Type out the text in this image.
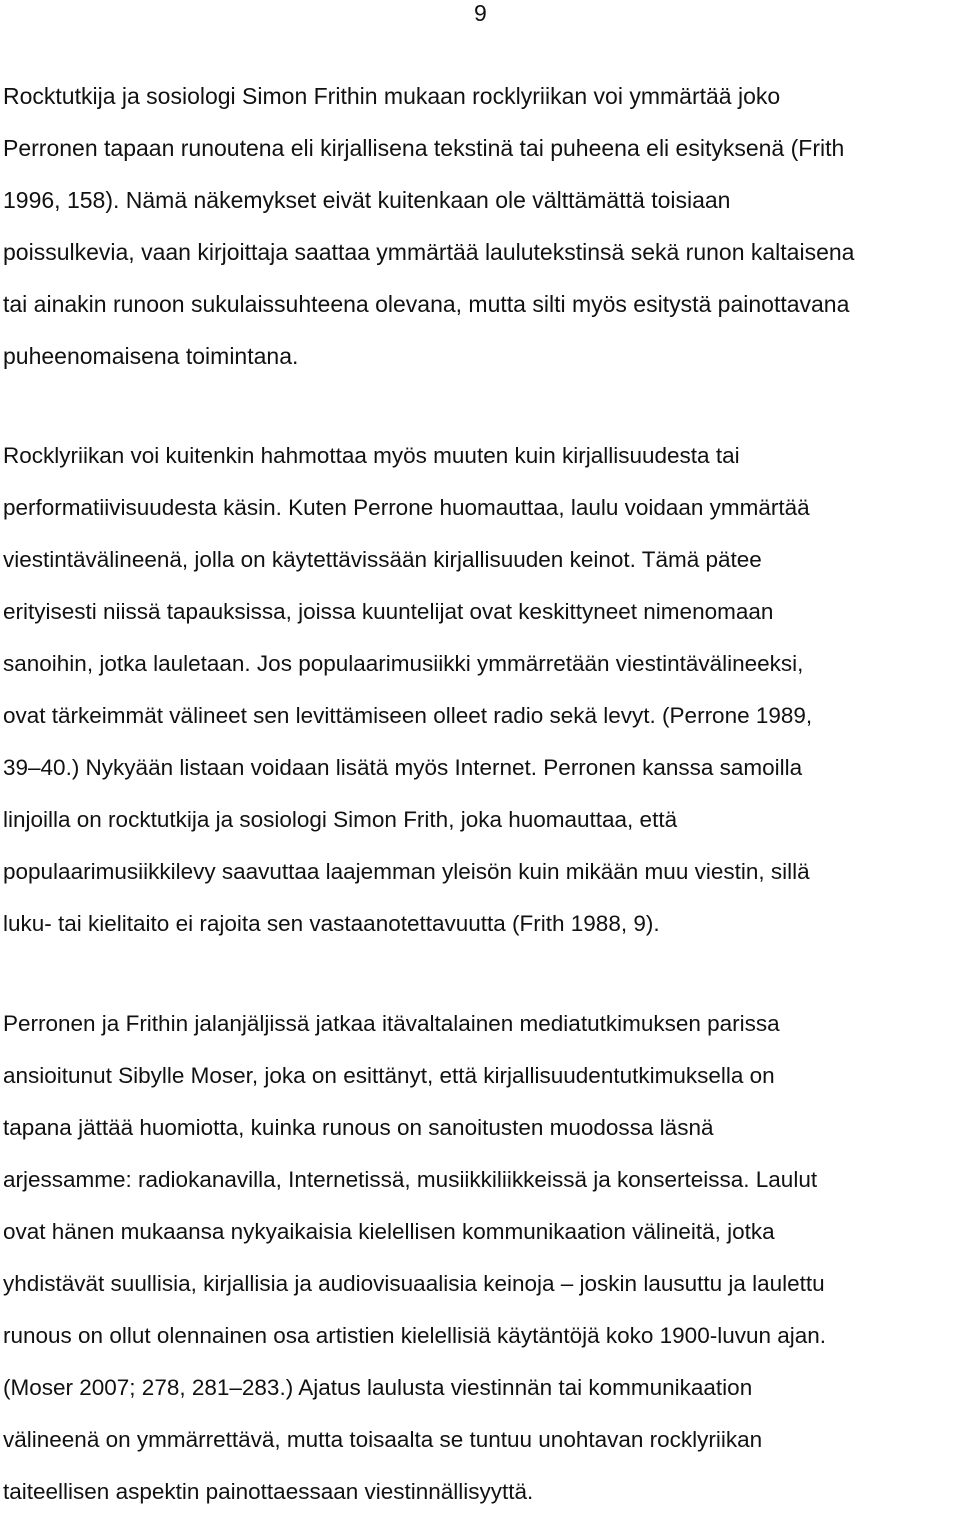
9
Rocktutkija ja sosiologi Simon Frithin mukaan rocklyriikan voi ymmärtää joko
Perronen tapaan runoutena eli kirjallisena tekstinä tai puheena eli esityksenä (Frith
1996, 158). Nämä näkemykset eivät kuitenkaan ole välttämättä toisiaan
poissulkevia, vaan kirjoittaja saattaa ymmärtää laulutekstinsä sekä runon kaltaisena
tai ainakin runoon sukulaissuhteena olevana, mutta silti myös esitystä painottavana
puheenomaisena toimintana.
Rocklyriikan voi kuitenkin hahmottaa myös muuten kuin kirjallisuudesta tai
performatiivisuudesta käsin. Kuten Perrone huomauttaa, laulu voidaan ymmärtää
viestintävälineenä, jolla on käytettävissään kirjallisuuden keinot. Tämä pätee
erityisesti niissä tapauksissa, joissa kuuntelijat ovat keskittyneet nimenomaan
sanoihin, jotka lauletaan. Jos populaarimusiikki ymmärretään viestintävälineeksi,
ovat tärkeimmät välineet sen levittämiseen olleet radio sekä levyt. (Perrone 1989,
39–40.) Nykyään listaan voidaan lisätä myös Internet. Perronen kanssa samoilla
linjoilla on rocktutkija ja sosiologi Simon Frith, joka huomauttaa, että
populaarimusiikkilevy saavuttaa laajemman yleisön kuin mikään muu viestin, sillä
luku- tai kielitaito ei rajoita sen vastaanotettavuutta (Frith 1988, 9).
Perronen ja Frithin jalanjäljissä jatkaa itävaltalainen mediatutkimuksen parissa
ansioitunut Sibylle Moser, joka on esittänyt, että kirjallisuudentutkimuksella on
tapana jättää huomiotta, kuinka runous on sanoitusten muodossa läsnä
arjessamme: radiokanavilla, Internetissä, musiikkiliikkeissä ja konserteissa. Laulut
ovat hänen mukaansa nykyaikaisia kielellisen kommunikaation välineitä, jotka
yhdistävät suullisia, kirjallisia ja audiovisuaalisia keinoja – joskin lausuttu ja laulettu
runous on ollut olennainen osa artistien kielellisiä käytäntöjä koko 1900-luvun ajan.
(Moser 2007; 278, 281–283.) Ajatus laulusta viestinnän tai kommunikaation
välineenä on ymmärrettävä, mutta toisaalta se tuntuu unohtavan rocklyriikan
taiteellisen aspektin painottaessaan viestinnällisyyttä.
